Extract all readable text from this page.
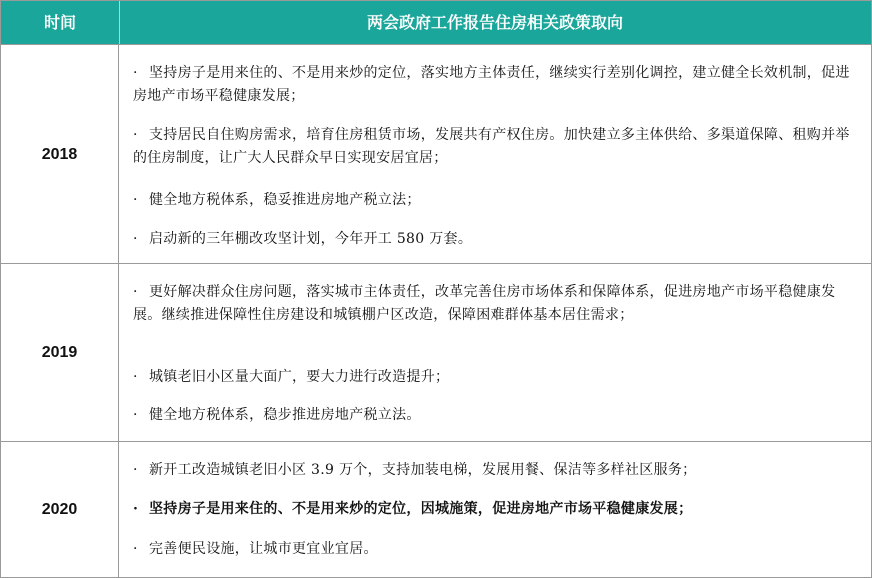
时间	两会政府工作报告住房相关政策取向
2018
· 坚持房子是用来住的、不是用来炒的定位，落实地方主体责任，继续实行差别化调控，建立健全长效机制，促进房地产市场平稳健康发展；
· 支持居民自住购房需求，培育住房租赁市场，发展共有产权住房。加快建立多主体供给、多渠道保障、租购并举的住房制度，让广大人民群众早日实现安居宜居；
· 健全地方税体系，稳妥推进房地产税立法；
· 启动新的三年棚改攻坚计划，今年开工 580 万套。
2019
· 更好解决群众住房问题，落实城市主体责任，改革完善住房市场体系和保障体系，促进房地产市场平稳健康发展。继续推进保障性住房建设和城镇棚户区改造，保障困难群体基本居住需求；
· 城镇老旧小区量大面广，要大力进行改造提升；
· 健全地方税体系，稳步推进房地产税立法。
2020
· 新开工改造城镇老旧小区 3.9 万个，支持加装电梯，发展用餐、保洁等多样社区服务；
· 坚持房子是用来住的、不是用来炒的定位，因城施策，促进房地产市场平稳健康发展；
· 完善便民设施，让城市更宜业宜居。
